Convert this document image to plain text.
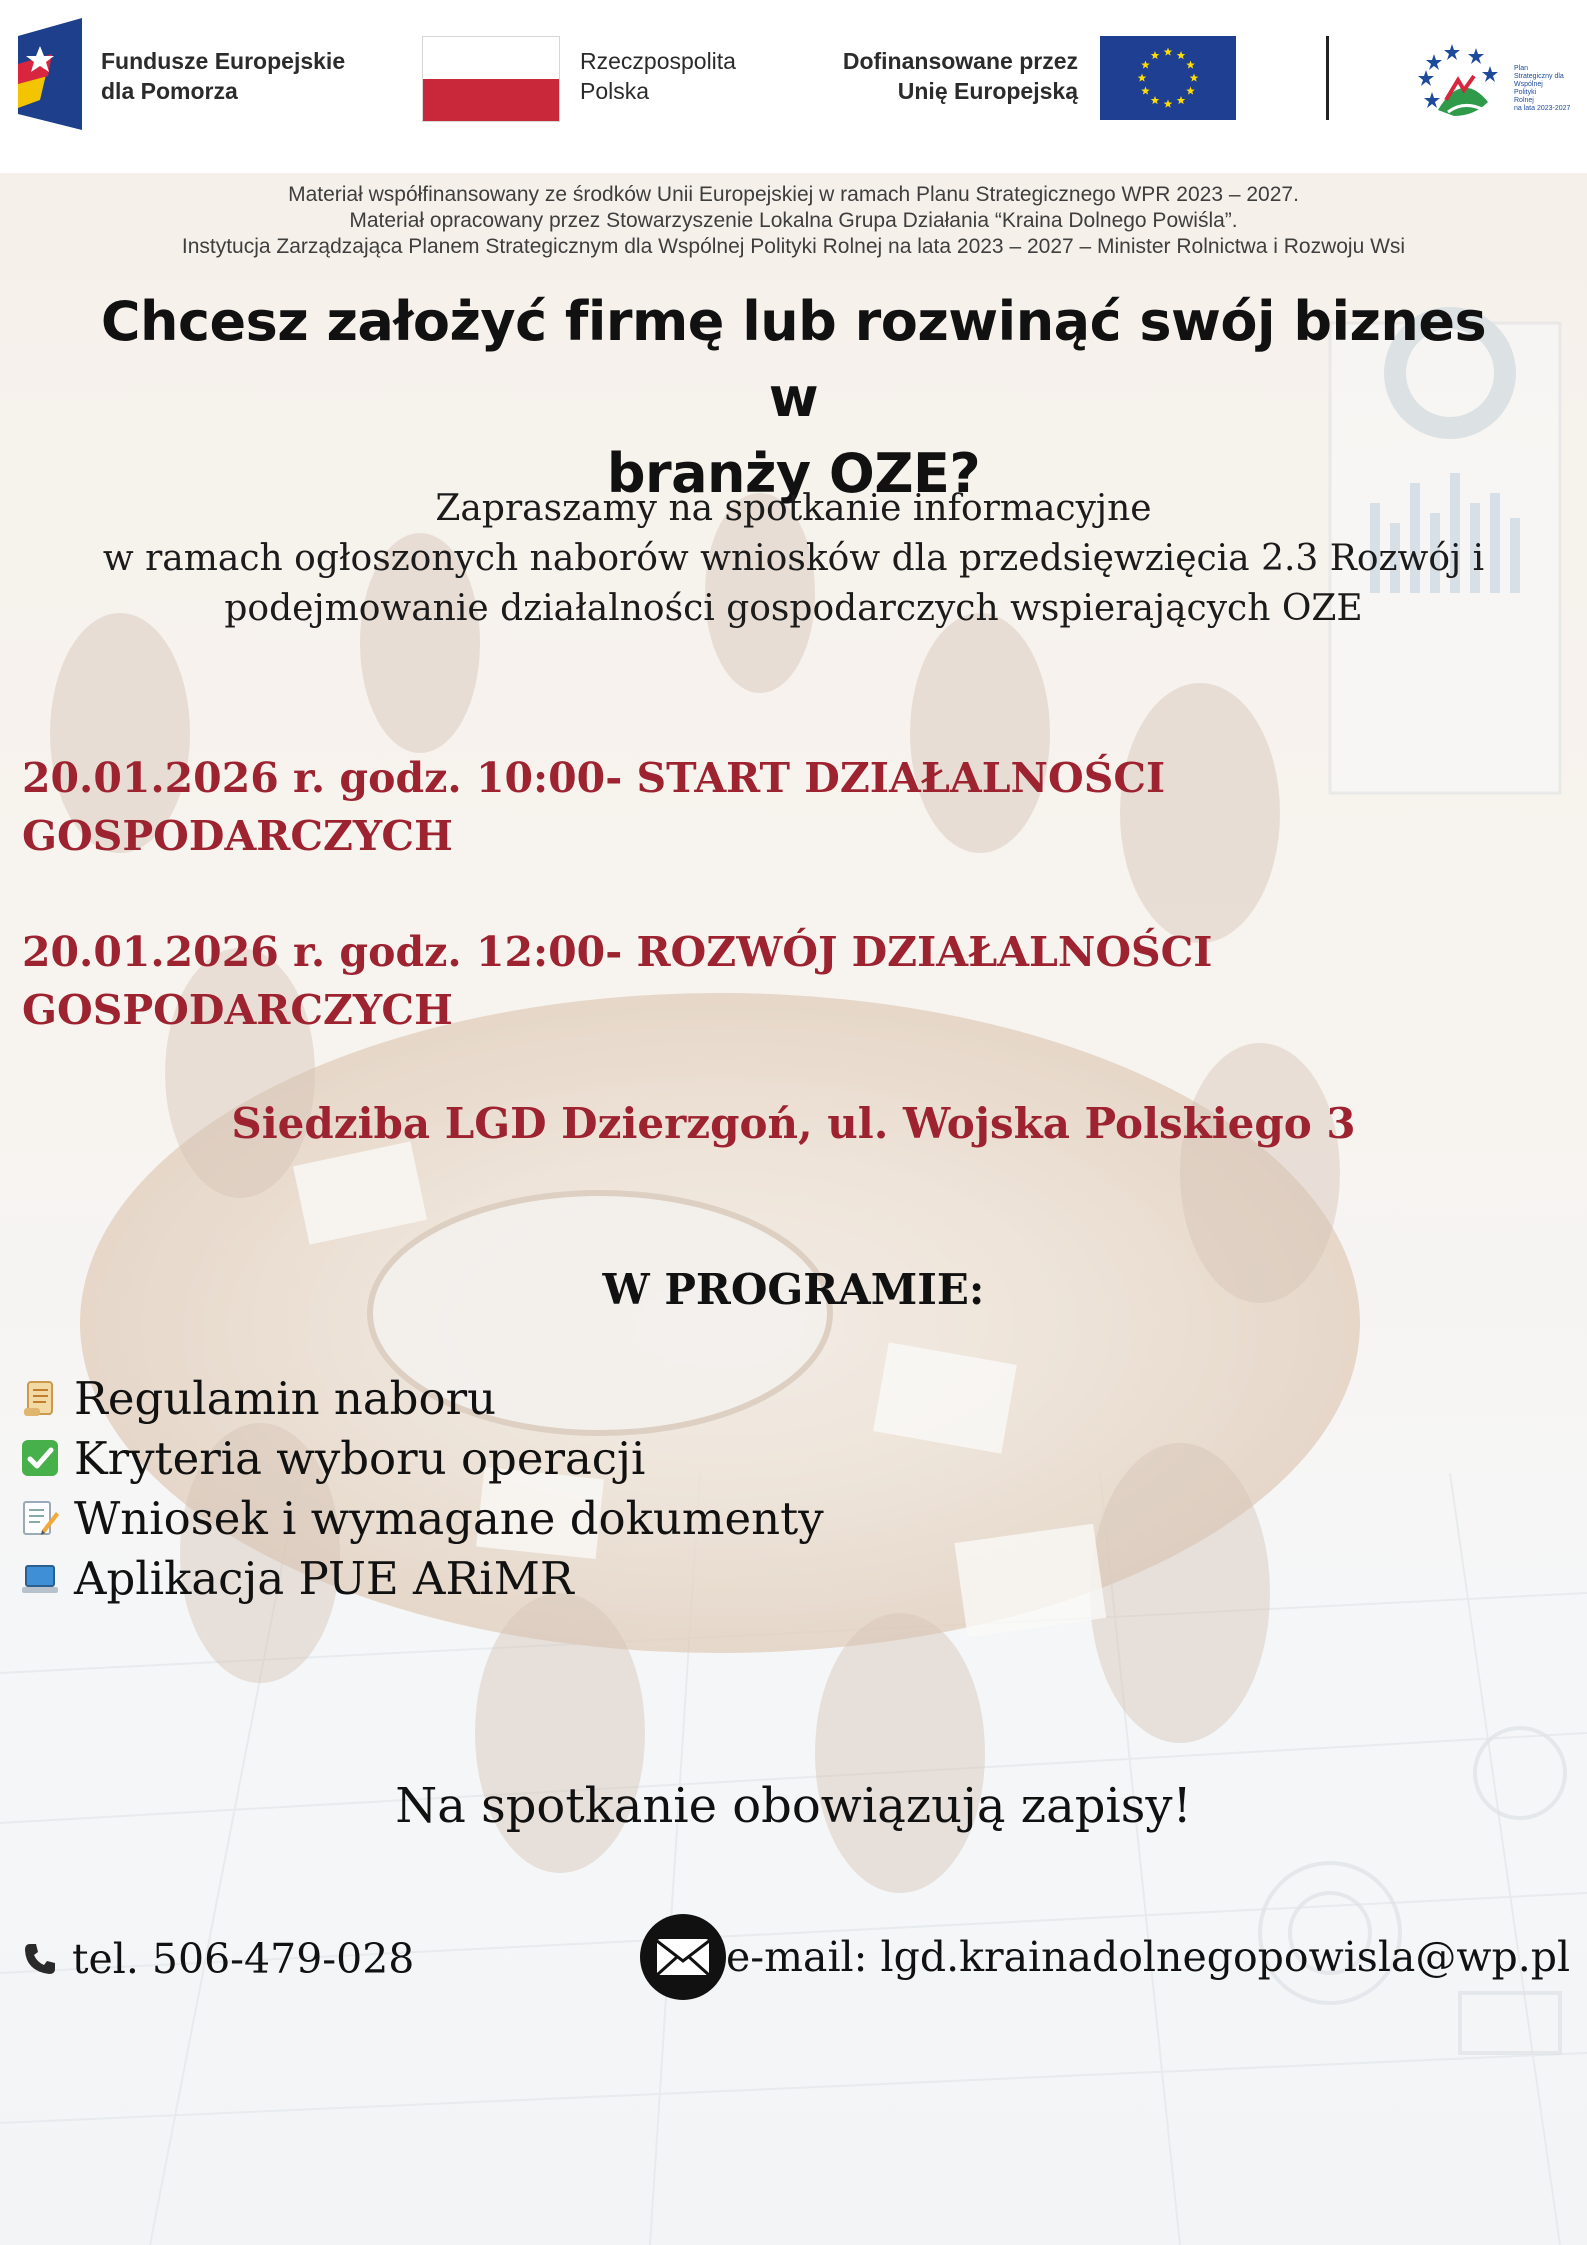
Fundusze Europejskie
dla Pomorza
Rzeczpospolita
Polska
Dofinansowane przez
Unię Europejską
Plan
Strategiczny dla
Wspólnej
Polityki
Rolnej
na lata 2023-2027
Materiał współfinansowany ze środków Unii Europejskiej w ramach Planu Strategicznego WPR 2023 – 2027.
Materiał opracowany przez Stowarzyszenie Lokalna Grupa Działania “Kraina Dolnego Powiśla”.
Instytucja Zarządzająca Planem Strategicznym dla Wspólnej Polityki Rolnej na lata 2023 – 2027 – Minister Rolnictwa i Rozwoju Wsi
Chcesz założyć firmę lub rozwinąć swój biznes w
branży OZE?
Zapraszamy na spotkanie informacyjne
w ramach ogłoszonych naborów wniosków dla przedsięwzięcia 2.3 Rozwój i
podejmowanie działalności gospodarczych wspierających OZE
20.01.2026 r. godz. 10:00- START DZIAŁALNOŚCI
GOSPODARCZYCH
20.01.2026 r. godz. 12:00- ROZWÓJ DZIAŁALNOŚCI
GOSPODARCZYCH
Siedziba LGD Dzierzgoń, ul. Wojska Polskiego 3
W PROGRAMIE:
Regulamin naboru
Kryteria wyboru operacji
Wniosek i wymagane dokumenty
Aplikacja PUE ARiMR
Na spotkanie obowiązują zapisy!
tel. 506-479-028	e-mail: lgd.krainadolnegopowisla@wp.pl
